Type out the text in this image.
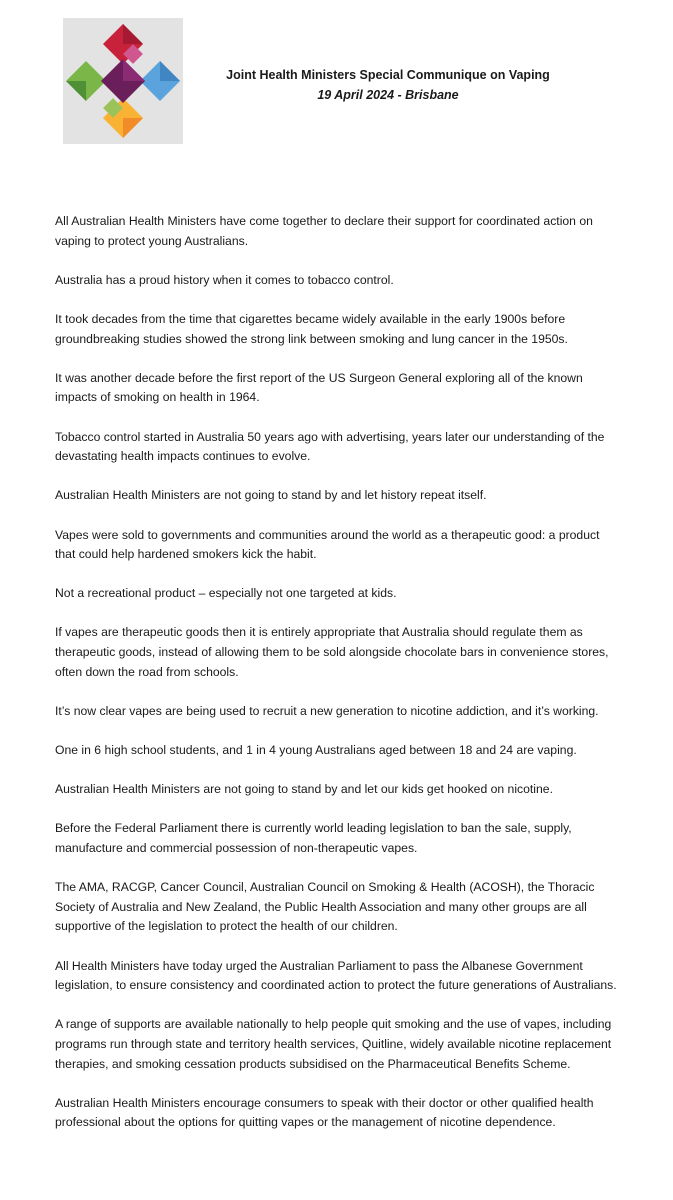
Joint Health Ministers Special Communique on Vaping
19 April 2024 - Brisbane

All Australian Health Ministers have come together to declare their support for coordinated action on vaping to protect young Australians.

Australia has a proud history when it comes to tobacco control.

It took decades from the time that cigarettes became widely available in the early 1900s before groundbreaking studies showed the strong link between smoking and lung cancer in the 1950s.

It was another decade before the first report of the US Surgeon General exploring all of the known impacts of smoking on health in 1964.

Tobacco control started in Australia 50 years ago with advertising, years later our understanding of the devastating health impacts continues to evolve.

Australian Health Ministers are not going to stand by and let history repeat itself.

Vapes were sold to governments and communities around the world as a therapeutic good: a product that could help hardened smokers kick the habit.

Not a recreational product – especially not one targeted at kids.

If vapes are therapeutic goods then it is entirely appropriate that Australia should regulate them as therapeutic goods, instead of allowing them to be sold alongside chocolate bars in convenience stores, often down the road from schools.

It’s now clear vapes are being used to recruit a new generation to nicotine addiction, and it’s working.

One in 6 high school students, and 1 in 4 young Australians aged between 18 and 24 are vaping.

Australian Health Ministers are not going to stand by and let our kids get hooked on nicotine.

Before the Federal Parliament there is currently world leading legislation to ban the sale, supply, manufacture and commercial possession of non-therapeutic vapes.

The AMA, RACGP, Cancer Council, Australian Council on Smoking & Health (ACOSH), the Thoracic Society of Australia and New Zealand, the Public Health Association and many other groups are all supportive of the legislation to protect the health of our children.

All Health Ministers have today urged the Australian Parliament to pass the Albanese Government legislation, to ensure consistency and coordinated action to protect the future generations of Australians.

A range of supports are available nationally to help people quit smoking and the use of vapes, including programs run through state and territory health services, Quitline, widely available nicotine replacement therapies, and smoking cessation products subsidised on the Pharmaceutical Benefits Scheme.

Australian Health Ministers encourage consumers to speak with their doctor or other qualified health professional about the options for quitting vapes or the management of nicotine dependence.
